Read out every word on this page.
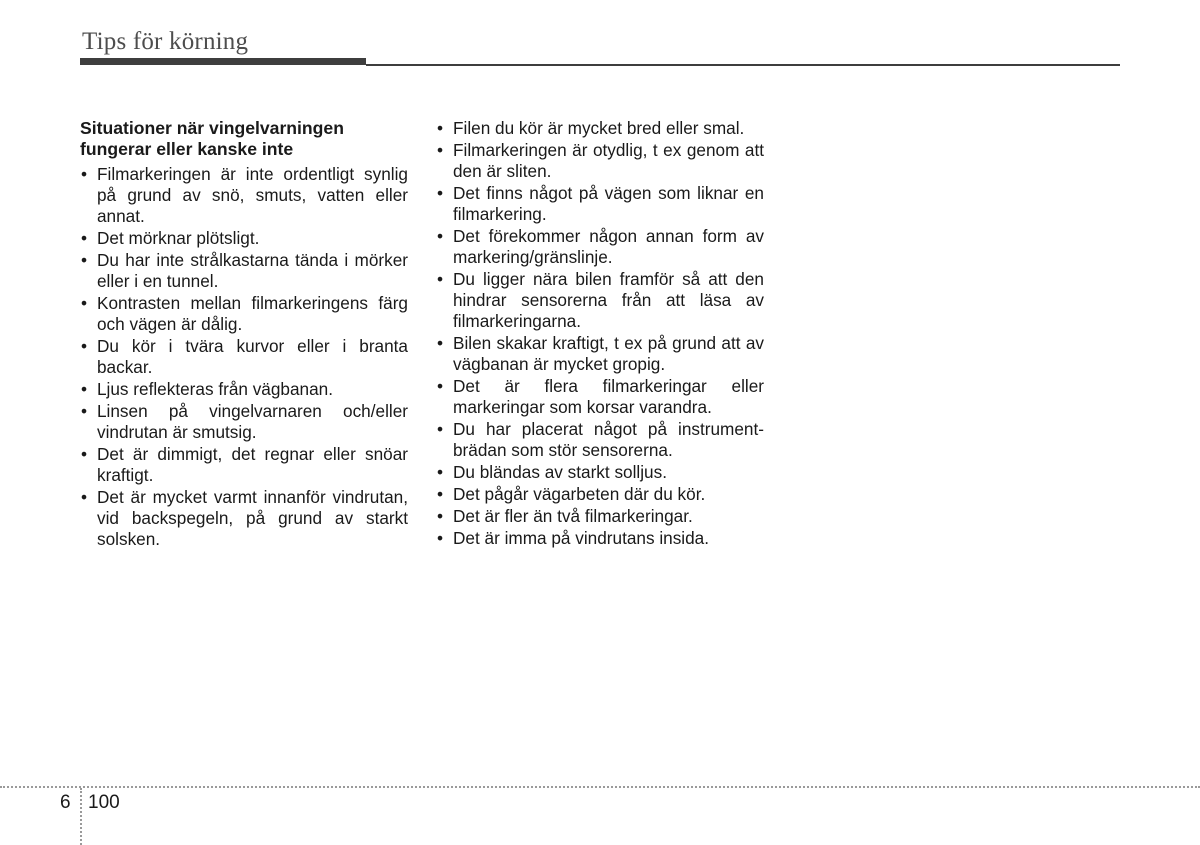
Tips för körning
Situationer när vingelvarningen fungerar eller kanske inte
• Filmarkeringen är inte ordentligt synlig på grund av snö, smuts, vatten eller annat.
• Det mörknar plötsligt.
• Du har inte strålkastarna tända i mörker eller i en tunnel.
• Kontrasten mellan filmarkeringens färg och vägen är dålig.
• Du kör i tvära kurvor eller i branta backar.
• Ljus reflekteras från vägbanan.
• Linsen på vingelvarnaren och/eller vindrutan är smutsig.
• Det är dimmigt, det regnar eller snöar kraftigt.
• Det är mycket varmt innanför vindrutan, vid backspegeln, på grund av starkt solsken.
• Filen du kör är mycket bred eller smal.
• Filmarkeringen är otydlig, t ex genom att den är sliten.
• Det finns något på vägen som liknar en filmarkering.
• Det förekommer någon annan form av markering/gränslinje.
• Du ligger nära bilen framför så att den hindrar sensorerna från att läsa av filmarkeringarna.
• Bilen skakar kraftigt, t ex på grund att av vägbanan är mycket gropig.
• Det är flera filmarkeringar eller markeringar som korsar varandra.
• Du har placerat något på instrument-brädan som stör sensorerna.
• Du bländas av starkt solljus.
• Det pågår vägarbeten där du kör.
• Det är fler än två filmarkeringar.
• Det är imma på vindrutans insida.
6 100
